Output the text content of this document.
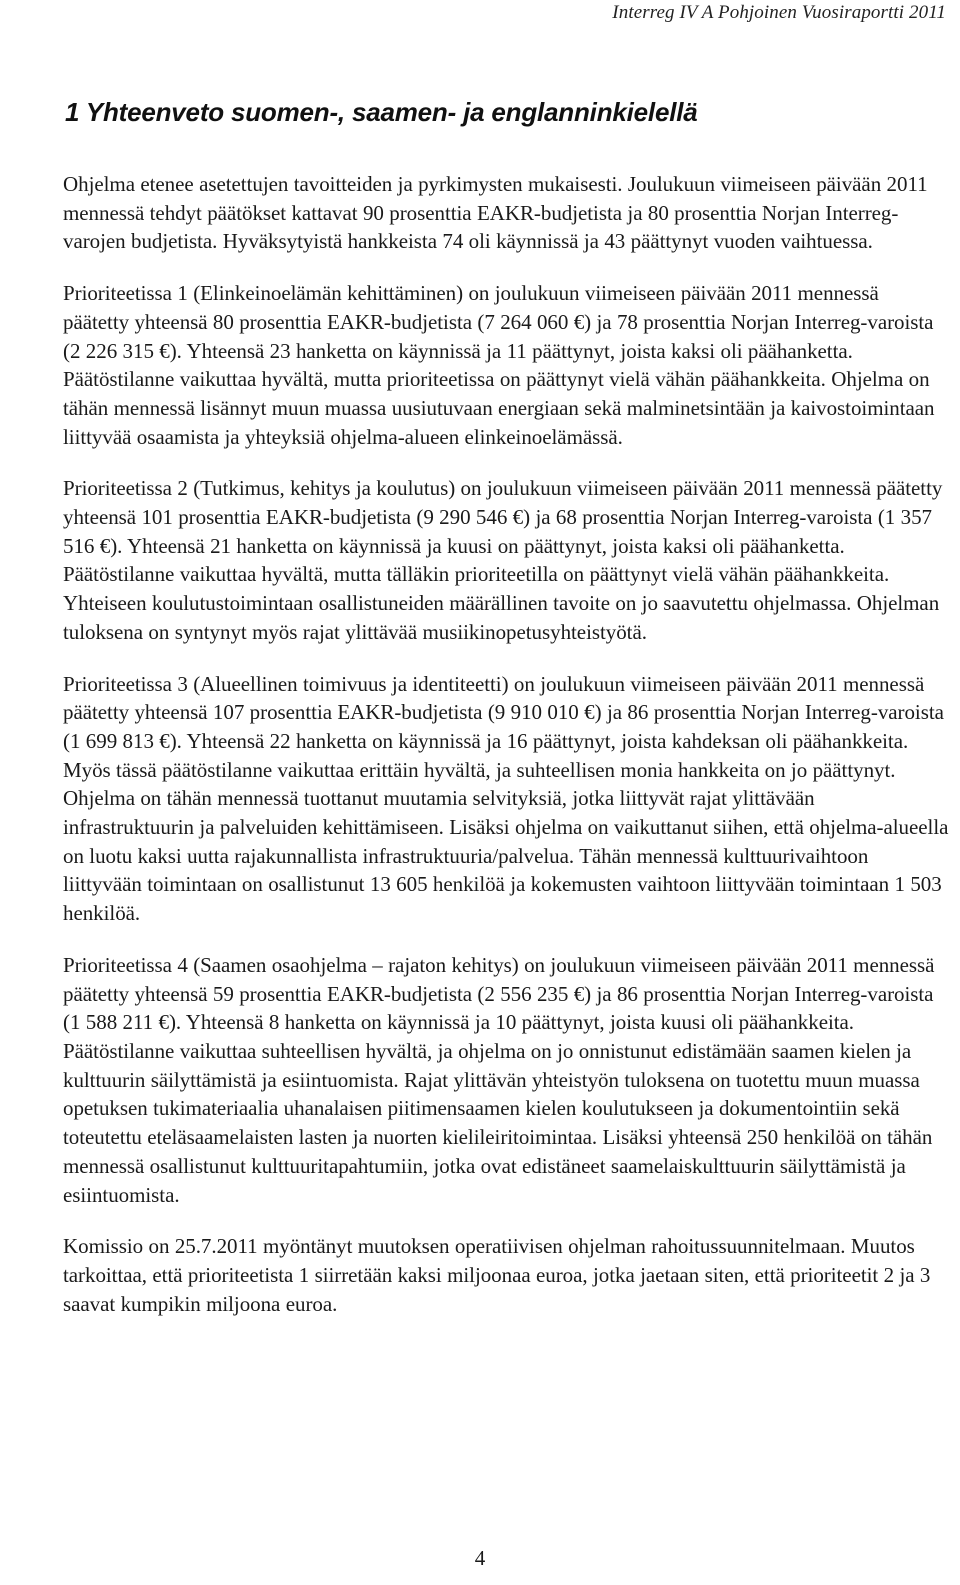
Interreg IV A Pohjoinen Vuosiraportti 2011
1 Yhteenveto suomen-, saamen- ja englanninkielellä

Ohjelma etenee asetettujen tavoitteiden ja pyrkimysten mukaisesti. Joulukuun viimeiseen päivään 2011 mennessä tehdyt päätökset kattavat 90 prosenttia EAKR-budjetista ja 80 prosenttia Norjan Interreg-varojen budjetista. Hyväksytyistä hankkeista 74 oli käynnissä ja 43 päättynyt vuoden vaihtuessa.

Prioriteetissa 1 (Elinkeinoelämän kehittäminen) on joulukuun viimeiseen päivään 2011 mennessä päätetty yhteensä 80 prosenttia EAKR-budjetista (7 264 060 €) ja 78 prosenttia Norjan Interreg-varoista (2 226 315 €). Yhteensä 23 hanketta on käynnissä ja 11 päättynyt, joista kaksi oli päähanketta. Päätöstilanne vaikuttaa hyvältä, mutta prioriteetissa on päättynyt vielä vähän päähankkeita. Ohjelma on tähän mennessä lisännyt muun muassa uusiutuvaan energiaan sekä malminetsintään ja kaivostoimintaan liittyvää osaamista ja yhteyksiä ohjelma-alueen elinkeinoelämässä.

Prioriteetissa 2 (Tutkimus, kehitys ja koulutus) on joulukuun viimeiseen päivään 2011 mennessä päätetty yhteensä 101 prosenttia EAKR-budjetista (9 290 546 €) ja 68 prosenttia Norjan Interreg-varoista (1 357 516 €). Yhteensä 21 hanketta on käynnissä ja kuusi on päättynyt, joista kaksi oli päähanketta. Päätöstilanne vaikuttaa hyvältä, mutta tälläkin prioriteetilla on päättynyt vielä vähän päähankkeita. Yhteiseen koulutustoimintaan osallistuneiden määrällinen tavoite on jo saavutettu ohjelmassa. Ohjelman tuloksena on syntynyt myös rajat ylittävää musiikinopetusyhteistyötä.

Prioriteetissa 3 (Alueellinen toimivuus ja identiteetti) on joulukuun viimeiseen päivään 2011 mennessä päätetty yhteensä 107 prosenttia EAKR-budjetista (9 910 010 €) ja 86 prosenttia Norjan Interreg-varoista (1 699 813 €). Yhteensä 22 hanketta on käynnissä ja 16 päättynyt, joista kahdeksan oli päähankkeita. Myös tässä päätöstilanne vaikuttaa erittäin hyvältä, ja suhteellisen monia hankkeita on jo päättynyt. Ohjelma on tähän mennessä tuottanut muutamia selvityksiä, jotka liittyvät rajat ylittävään infrastruktuurin ja palveluiden kehittämiseen. Lisäksi ohjelma on vaikuttanut siihen, että ohjelma-alueella on luotu kaksi uutta rajakunnallista infrastruktuuria/palvelua. Tähän mennessä kulttuurivaihtoon liittyvään toimintaan on osallistunut 13 605 henkilöä ja kokemusten vaihtoon liittyvään toimintaan 1 503 henkilöä.

Prioriteetissa 4 (Saamen osaohjelma – rajaton kehitys) on joulukuun viimeiseen päivään 2011 mennessä päätetty yhteensä 59 prosenttia EAKR-budjetista (2 556 235 €) ja 86 prosenttia Norjan Interreg-varoista (1 588 211 €). Yhteensä 8 hanketta on käynnissä ja 10 päättynyt, joista kuusi oli päähankkeita. Päätöstilanne vaikuttaa suhteellisen hyvältä, ja ohjelma on jo onnistunut edistämään saamen kielen ja kulttuurin säilyttämistä ja esiintuomista. Rajat ylittävän yhteistyön tuloksena on tuotettu muun muassa opetuksen tukimateriaalia uhanalaisen piitimensaamen kielen koulutukseen ja dokumentointiin sekä toteutettu eteläsaamelaisten lasten ja nuorten kielileiritoimintaa. Lisäksi yhteensä 250 henkilöä on tähän mennessä osallistunut kulttuuritapahtumiin, jotka ovat edistäneet saamelaiskulttuurin säilyttämistä ja esiintuomista.

Komissio on 25.7.2011 myöntänyt muutoksen operatiivisen ohjelman rahoitussuunnitelmaan. Muutos tarkoittaa, että prioriteetista 1 siirretään kaksi miljoonaa euroa, jotka jaetaan siten, että prioriteetit 2 ja 3 saavat kumpikin miljoona euroa.

4
